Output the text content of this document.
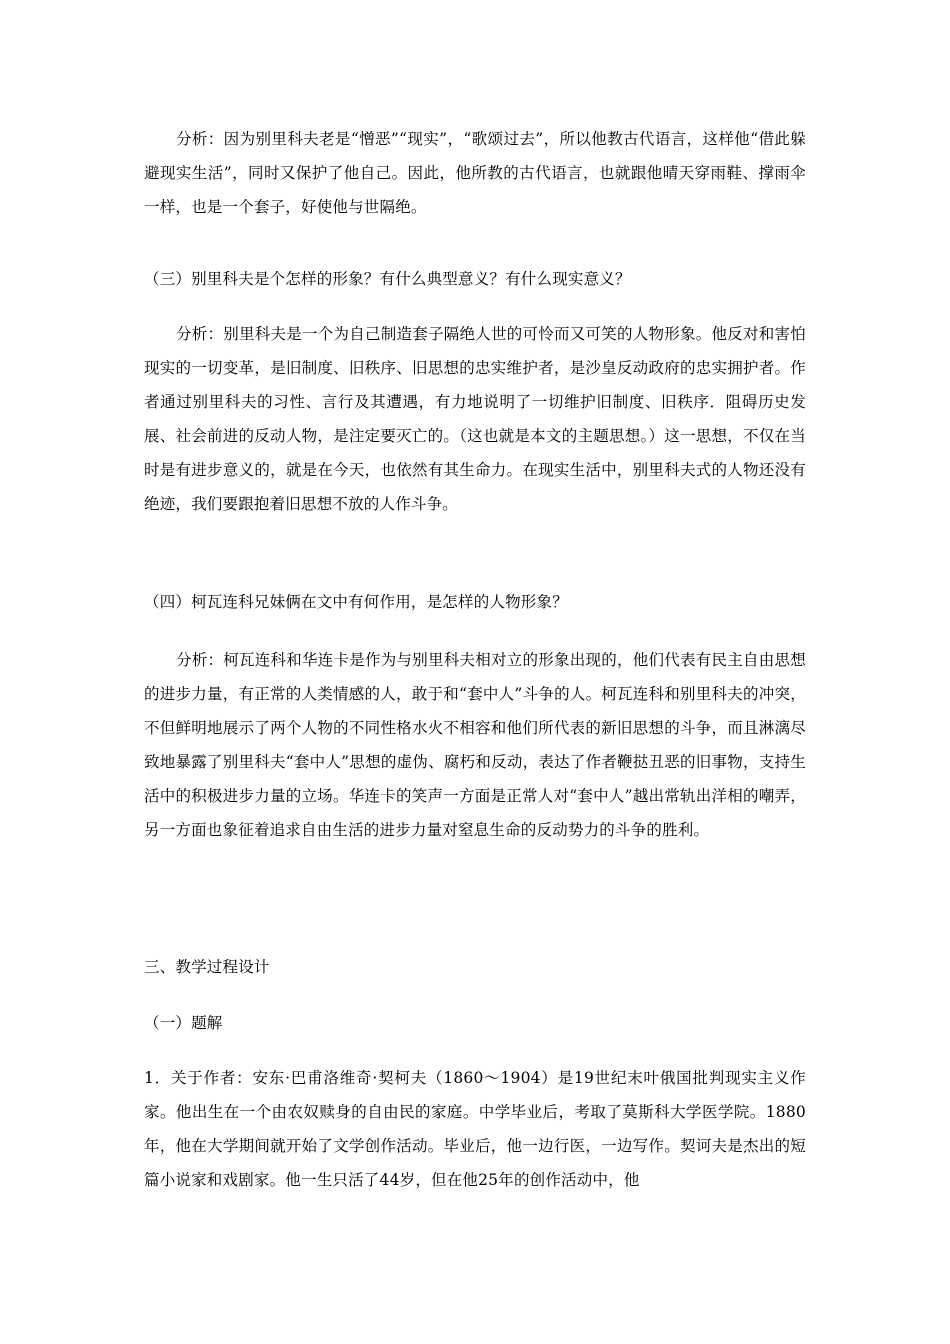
分析：因为别里科夫老是“憎恶”“现实”，“歌颂过去”，所以他教古代语言，这样他“借此躲避现实生活”，同时又保护了他自己。因此，他所教的古代语言，也就跟他晴天穿雨鞋、撑雨伞一样，也是一个套子，好使他与世隔绝。

（三）别里科夫是个怎样的形象？有什么典型意义？有什么现实意义？

分析：别里科夫是一个为自己制造套子隔绝人世的可怜而又可笑的人物形象。他反对和害怕现实的一切变革，是旧制度、旧秩序、旧思想的忠实维护者，是沙皇反动政府的忠实拥护者。作者通过别里科夫的习性、言行及其遭遇，有力地说明了一切维护旧制度、旧秩序．阻碍历史发展、社会前进的反动人物，是注定要灭亡的。（这也就是本文的主题思想。）这一思想，不仅在当时是有进步意义的，就是在今天，也依然有其生命力。在现实生活中，别里科夫式的人物还没有绝迹，我们要跟抱着旧思想不放的人作斗争。

（四）柯瓦连科兄妹俩在文中有何作用，是怎样的人物形象？

分析：柯瓦连科和华连卡是作为与别里科夫相对立的形象出现的，他们代表有民主自由思想的进步力量，有正常的人类情感的人，敢于和“套中人”斗争的人。柯瓦连科和别里科夫的冲突，不但鲜明地展示了两个人物的不同性格水火不相容和他们所代表的新旧思想的斗争，而且淋漓尽致地暴露了别里科夫“套中人”思想的虚伪、腐朽和反动，表达了作者鞭挞丑恶的旧事物，支持生活中的积极进步力量的立场。华连卡的笑声一方面是正常人对“套中人”越出常轨出洋相的嘲弄，另一方面也象征着追求自由生活的进步力量对窒息生命的反动势力的斗争的胜利。

三、教学过程设计

（一）题解

1．关于作者：安东·巴甫洛维奇·契柯夫（1860～1904）是19世纪末叶俄国批判现实主义作家。他出生在一个由农奴赎身的自由民的家庭。中学毕业后，考取了莫斯科大学医学院。1880年，他在大学期间就开始了文学创作活动。毕业后，他一边行医，一边写作。契诃夫是杰出的短篇小说家和戏剧家。他一生只活了44岁，但在他25年的创作活动中，他
